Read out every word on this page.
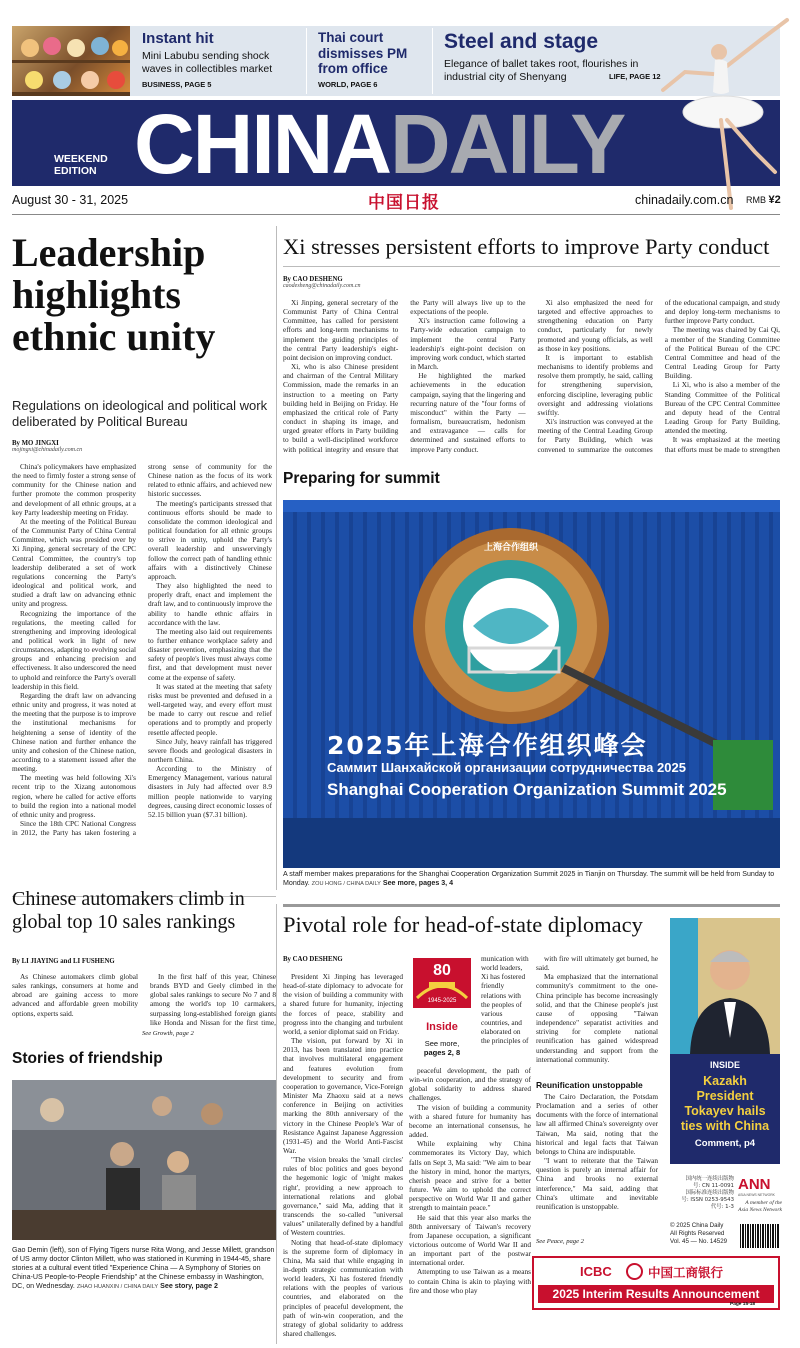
Instant hit
Mini Labubu sending shock waves in collectibles market
BUSINESS, PAGE 5
Thai court dismisses PM from office
WORLD, PAGE 6
Steel and stage
Elegance of ballet takes root, flourishes in industrial city of Shenyang	LIFE, PAGE 12
WEEKEND
EDITION CHINADAILY
August 30 - 31, 2025	中国日报	chinadaily.com.cn RMB ¥2
Leadership highlights ethnic unity
Regulations on ideological and political work deliberated by Political Bureau
By MO JINGXI
mojingxi@chinadaily.com.cn

China's policymakers have emphasized the need to firmly foster a strong sense of community for the Chinese nation and further promote the common prosperity and development of all ethnic groups, at a key Party leadership meeting on Friday.

At the meeting of the Political Bureau of the Communist Party of China Central Committee, which was presided over by Xi Jinping, general secretary of the CPC Central Committee, the country's top leadership deliberated a set of work regulations concerning the Party's ideological and political work, and studied a draft law on advancing ethnic unity and progress.

Recognizing the importance of the regulations, the meeting called for strengthening and improving ideological and political work in light of new circumstances, adapting to evolving social groups and enhancing precision and effectiveness. It also underscored the need to uphold and reinforce the Party's overall leadership in this field.

Regarding the draft law on advancing ethnic unity and progress, it was noted at the meeting that the purpose is to improve the institutional mechanisms for heightening a sense of identity of the Chinese nation and further enhance the unity and cohesion of the Chinese nation, according to a statement issued after the meeting.

The meeting was held following Xi's recent trip to the Xizang autonomous region, where he called for active efforts to build the region into a national model of ethnic unity and progress.

Since the 18th CPC National Congress in 2012, the Party has taken fostering a strong sense of community for the Chinese nation as the focus of its work related to ethnic affairs, and achieved new historic successes.

The meeting's participants stressed that continuous efforts should be made to consolidate the common ideological and political foundation for all ethnic groups to strive in unity, uphold the Party's overall leadership and unswervingly follow the correct path of handling ethnic affairs with a distinctively Chinese approach.

They also highlighted the need to properly draft, enact and implement the draft law, and to continuously improve the ability to handle ethnic affairs in accordance with the law.

The meeting also laid out requirements to further enhance workplace safety and disaster prevention, emphasizing that the safety of people's lives must always come first, and that development must never come at the expense of safety.

It was stated at the meeting that safety risks must be prevented and defused in a well-targeted way, and every effort must be made to carry out rescue and relief operations and to promptly and properly resettle affected people.

Since July, heavy rainfall has triggered severe floods and geological disasters in northern China.

According to the Ministry of Emergency Management, various natural disasters in July had affected over 8.9 million people nationwide to varying degrees, causing direct economic losses of 52.15 billion yuan ($7.31 billion).

Xi stresses persistent efforts to improve Party conduct
By CAO DESHENG
caodesheng@chinadaily.com.cn

Xi Jinping, general secretary of the Communist Party of China Central Committee, has called for persistent efforts and long-term mechanisms to implement the guiding principles of the central Party leadership's eight-point decision on improving conduct.

Xi, who is also Chinese president and chairman of the Central Military Commission, made the remarks in an instruction to a meeting on Party building held in Beijing on Friday. He emphasized the critical role of Party conduct in shaping its image, and urged greater efforts in Party building to build a well-disciplined workforce with political integrity and ensure that the Party will always live up to the expectations of the people.

Xi's instruction came following a Party-wide education campaign to implement the central Party leadership's eight-point decision on improving work conduct, which started in March.

He highlighted the marked achievements in the education campaign, saying that the lingering and recurring nature of the "four forms of misconduct" within the Party — formalism, bureaucratism, hedonism and extravagance — calls for determined and sustained efforts to improve Party conduct.

Xi also emphasized the need for targeted and effective approaches to strengthening education on Party conduct, particularly for newly promoted and young officials, as well as those in key positions.

It is important to establish mechanisms to identify problems and resolve them promptly, he said, calling for strengthening supervision, enforcing discipline, leveraging public oversight and addressing violations swiftly.

Xi's instruction was conveyed at the meeting of the Central Leading Group for Party Building, which was convened to summarize the outcomes of the educational campaign, and study and deploy long-term mechanisms to further improve Party conduct.

The meeting was chaired by Cai Qi, a member of the Standing Committee of the Political Bureau of the CPC Central Committee and head of the Central Leading Group for Party Building.

Li Xi, who is also a member of the Standing Committee of the Political Bureau of the CPC Central Committee and deputy head of the Central Leading Group for Party Building, attended the meeting.

It was emphasized at the meeting that efforts must be made to strengthen

Preparing for summit
上海合作组织
2025年上海合作组织峰会
Саммит Шанхайской организации сотрудничества 2025
Shanghai Cooperation Organization Summit 2025
A staff member makes preparations for the Shanghai Cooperation Organization Summit 2025 in Tianjin on Thursday. The summit will be held from Sunday to Monday. ZOU HONG / CHINA DAILY See more, pages 3, 4
Chinese automakers climb in global top 10 sales rankings
By LI JIAYING and LI FUSHENG

As Chinese automakers climb global sales rankings, consumers at home and abroad are gaining access to more advanced and affordable green mobility options, experts said.

In the first half of this year, Chinese brands BYD and Geely climbed in the global sales rankings to secure No 7 and 8 among the world's top 10 carmakers, surpassing long-established foreign giants like Honda and Nissan for the first time,

See Growth, page 2
Stories of friendship
Gao Demin (left), son of Flying Tigers nurse Rita Wong, and Jesse Millett, grandson of US army doctor Clinton Millett, who was stationed in Kunming in 1944-45, share stories at a cultural event titled "Experience China — A Symphony of Stories on China-US People-to-People Friendship" at the Chinese embassy in Washington, DC, on Wednesday. ZHAO HUANXIN / CHINA DAILY See story, page 2
Pivotal role for head-of-state diplomacy
By CAO DESHENG

President Xi Jinping has leveraged head-of-state diplomacy to advocate for the vision of building a community with a shared future for humanity, injecting the forces of peace, stability and progress into the changing and turbulent world, a senior diplomat said on Friday.

The vision, put forward by Xi in 2013, has been translated into practice that involves multilateral engagement and features evolution from development to security and from cooperation to governance, Vice-Foreign Minister Ma Zhaoxu said at a news conference in Beijing on activities marking the 80th anniversary of the victory in the Chinese People's War of Resistance Against Japanese Aggression (1931-45) and the World Anti-Fascist War.

"The vision breaks the 'small circles' rules of bloc politics and goes beyond the hegemonic logic of 'might makes right', providing a new approach to international relations and global governance," said Ma, adding that it transcends the so-called "universal values" unilaterally defined by a handful of Western countries.

Noting that head-of-state diplomacy is the supreme form of diplomacy in China, Ma said that while engaging in in-depth strategic communication with world leaders, Xi has fostered friendly relations with the peoples of various countries, and elaborated on the principles of peaceful development, the path of win-win cooperation, and the strategy of global solidarity to address shared challenges.

80
1945-2025
Inside
See more,
pages 2, 8
munication with world leaders, Xi has fostered friendly relations with the peoples of various countries, and elaborated on the principles of

peaceful development, the path of win-win cooperation, and the strategy of global solidarity to address shared challenges.

The vision of building a community with a shared future for humanity has become an international consensus, he added.

While explaining why China commemorates its Victory Day, which falls on Sept 3, Ma said: "We aim to bear the history in mind, honor the martyrs, cherish peace and strive for a better future. We aim to uphold the correct perspective on World War II and gather strength to maintain peace."

He said that this year also marks the 80th anniversary of Taiwan's recovery from Japanese occupation, a significant victorious outcome of World War II and an important part of the postwar international order.

Attempting to use Taiwan as a means to contain China is akin to playing with fire and those who play

with fire will ultimately get burned, he said.

Ma emphasized that the international community's commitment to the one-China principle has become increasingly solid, and that the Chinese people's just cause of opposing "Taiwan independence" separatist activities and striving for complete national reunification has gained widespread understanding and support from the international community.

Reunification unstoppable

The Cairo Declaration, the Potsdam Proclamation and a series of other documents with the force of international law all affirmed China's sovereignty over Taiwan, Ma said, noting that the historical and legal facts that Taiwan belongs to China are indisputable.

"I want to reiterate that the Taiwan question is purely an internal affair for China and brooks no external interference," Ma said, adding that China's ultimate and inevitable reunification is unstoppable.

See Peace, page 2
INSIDE
Kazakh President Tokayev hails ties with China
Comment, p4
国内统一连续出版物
号: CN 11-0091
国际标准连续出版物
号: ISSN 0253-9543
代号: 1-3
© 2025 China Daily
All Rights Reserved
Vol. 45 — No. 14529
ANN
ASIA NEWS NETWORK
A member of the Asia News Network
ICBC	中国工商银行
2025 Interim Results Announcement
Page 15-18
